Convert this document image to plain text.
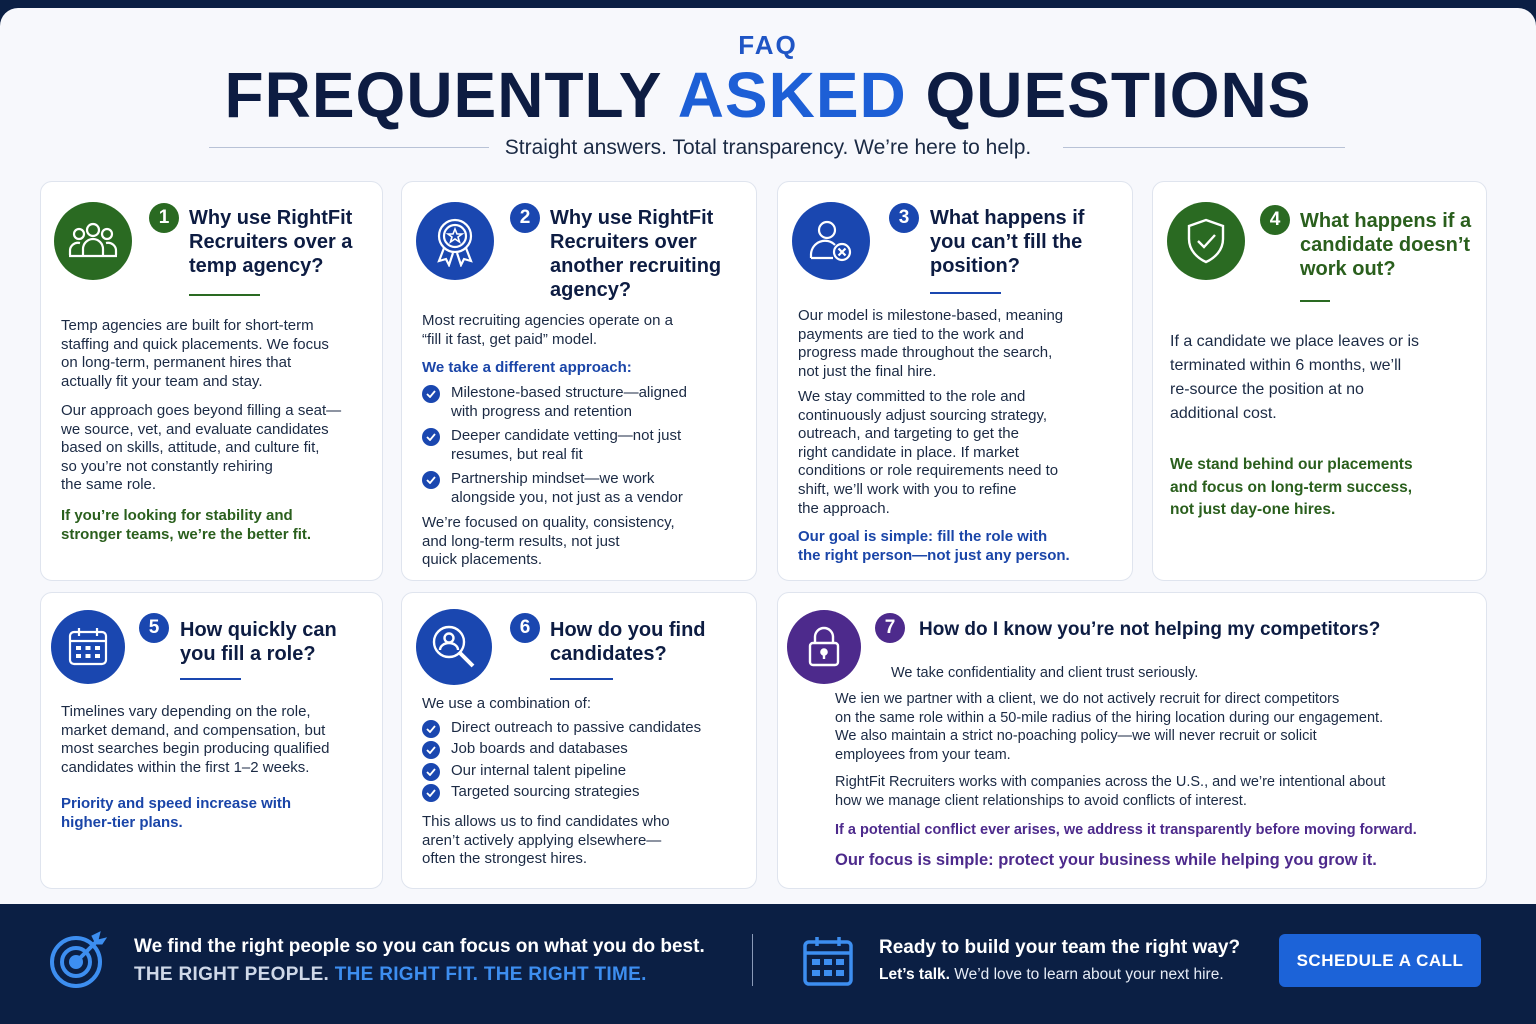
FAQ
FREQUENTLY ASKED QUESTIONS
Straight answers. Total transparency. We’re here to help.
1 Why use RightFit
Recruiters over a
temp agency?
Temp agencies are built for short-term
staffing and quick placements. We focus
on long-term, permanent hires that
actually fit your team and stay.
Our approach goes beyond filling a seat—
we source, vet, and evaluate candidates
based on skills, attitude, and culture fit,
so you’re not constantly rehiring
the same role.
If you’re looking for stability and
stronger teams, we’re the better fit.
2 Why use RightFit
Recruiters over
another recruiting
agency?
Most recruiting agencies operate on a
“fill it fast, get paid” model.
We take a different approach:
Milestone-based structure—aligned
with progress and retention
Deeper candidate vetting—not just
resumes, but real fit
Partnership mindset—we work
alongside you, not just as a vendor
We’re focused on quality, consistency,
and long-term results, not just
quick placements.
3	What happens if
you can’t fill the
position?
Our model is milestone-based, meaning
payments are tied to the work and
progress made throughout the search,
not just the final hire.
We stay committed to the role and
continuously adjust sourcing strategy,
outreach, and targeting to get the
right candidate in place. If market
conditions or role requirements need to
shift, we’ll work with you to refine
the approach.
Our goal is simple: fill the role with
the right person—not just any person.
4 What happens if a
candidate doesn’t
work out?
If a candidate we place leaves or is
terminated within 6 months, we’ll
re-source the position at no
additional cost.
We stand behind our placements
and focus on long-term success,
not just day-one hires.
5	How quickly can
you fill a role?
Timelines vary depending on the role,
market demand, and compensation, but
most searches begin producing qualified
candidates within the first 1–2 weeks.
Priority and speed increase with
higher-tier plans.
6 How do you find
candidates?
We use a combination of:
Direct outreach to passive candidates
Job boards and databases
Our internal talent pipeline
Targeted sourcing strategies
This allows us to find candidates who
aren’t actively applying elsewhere—
often the strongest hires.
7	How do I know you’re not helping my competitors?
We take confidentiality and client trust seriously.
We ien we partner with a client, we do not actively recruit for direct competitors
on the same role within a 50-mile radius of the hiring location during our engagement.
We also maintain a strict no-poaching policy—we will never recruit or solicit
employees from your team.
RightFit Recruiters works with companies across the U.S., and we’re intentional about
how we manage client relationships to avoid conflicts of interest.
If a potential conflict ever arises, we address it transparently before moving forward.
Our focus is simple: protect your business while helping you grow it.
We find the right people so you can focus on what you do best.
THE RIGHT PEOPLE. THE RIGHT FIT. THE RIGHT TIME.
Ready to build your team the right way?
Let’s talk. We’d love to learn about your next hire.
SCHEDULE A CALL
